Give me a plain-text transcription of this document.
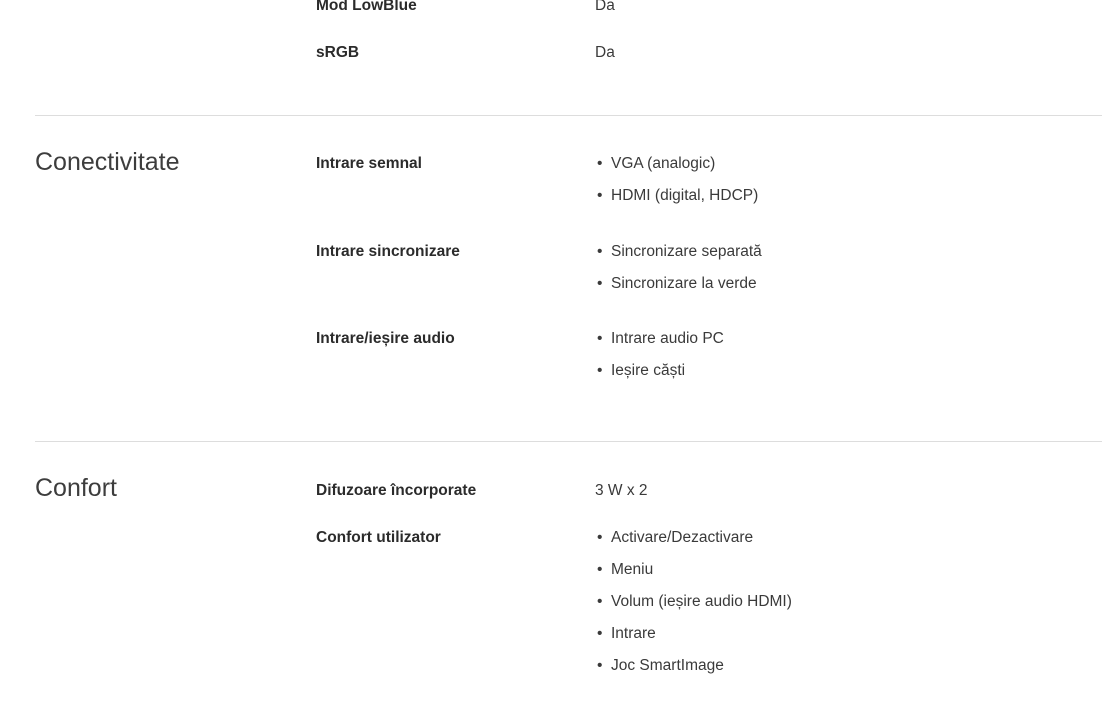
Mod LowBlue	Da
sRGB	Da
Conectivitate	Intrare semnal	• VGA (analogic)
• HDMI (digital, HDCP)
Intrare sincronizare	• Sincronizare separată
• Sincronizare la verde
Intrare/ieșire audio	• Intrare audio PC
• Ieșire căști
Confort	Difuzoare încorporate	3 W x 2
Confort utilizator	• Activare/Dezactivare
• Meniu
• Volum (ieșire audio HDMI)
• Intrare
• Joc SmartImage
